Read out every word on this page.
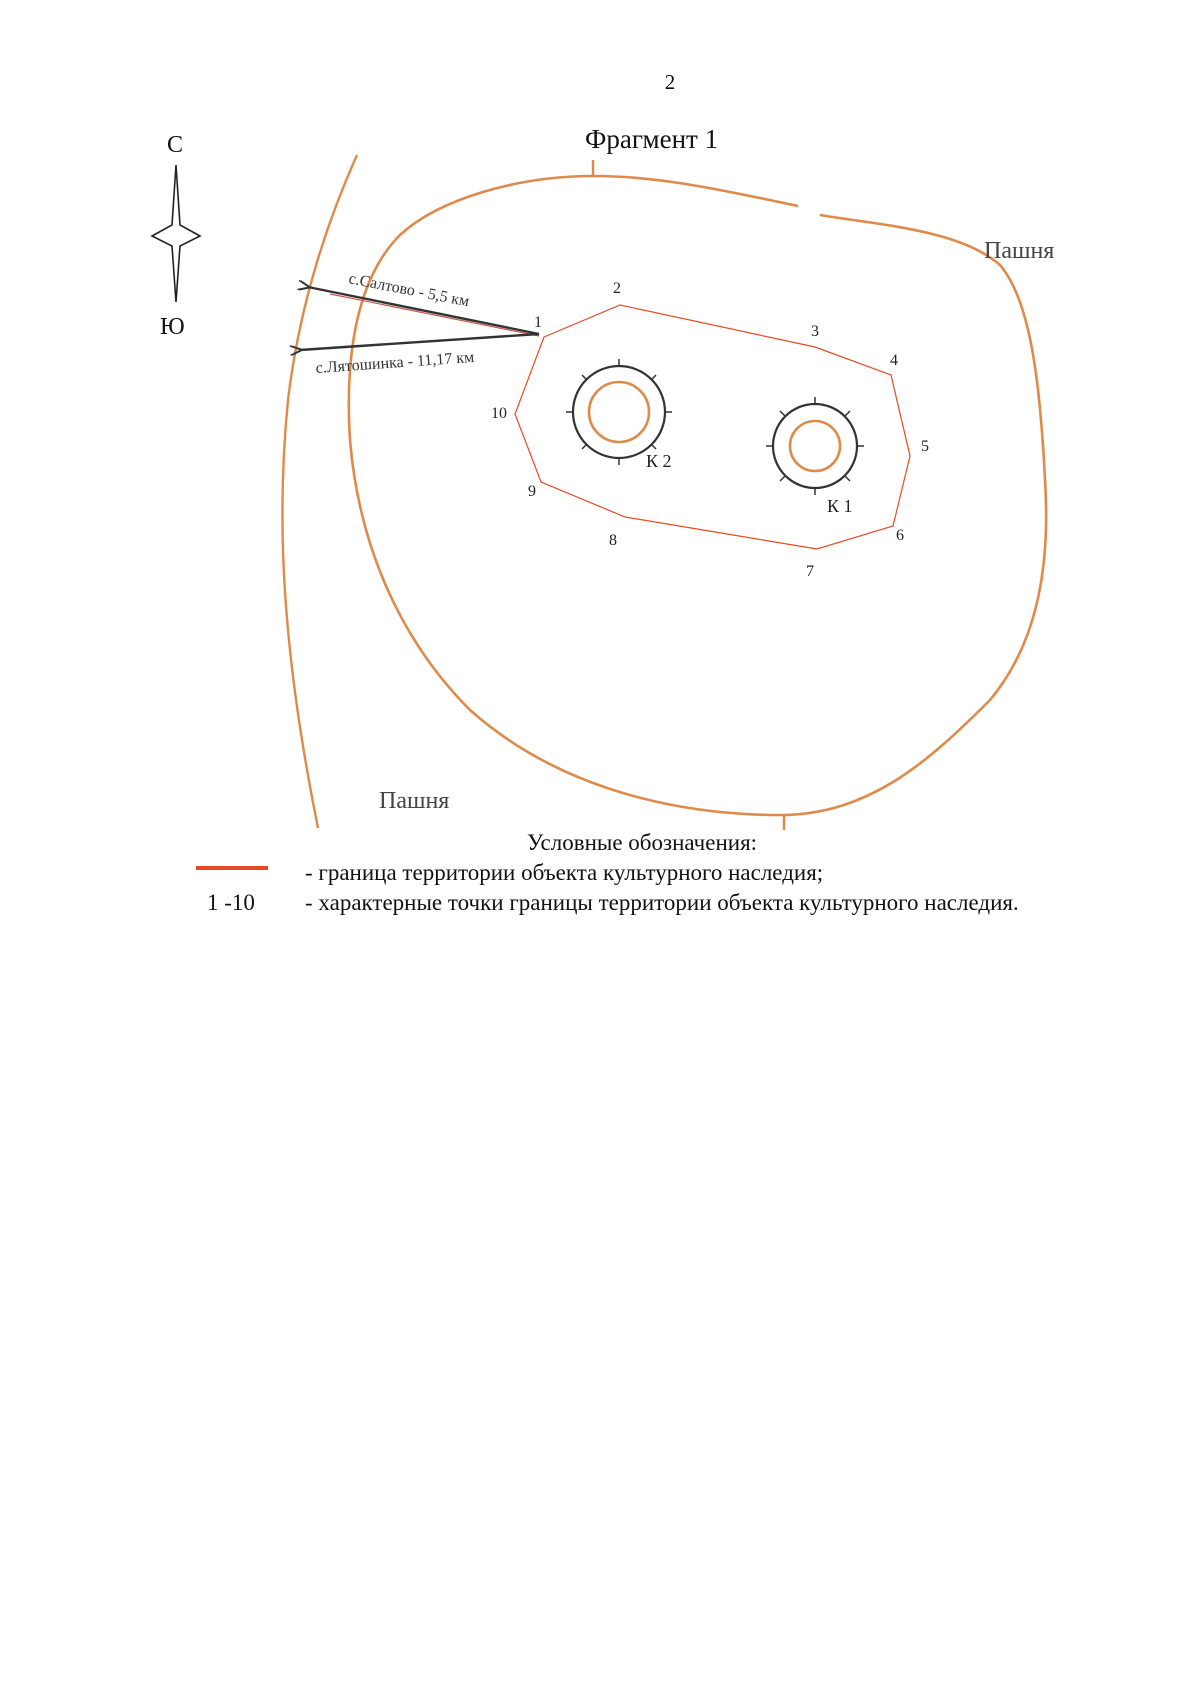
2
Фрагмент 1
С
Ю
с.Салтово - 5,5 км
с.Лятошинка - 11,17 км
К 2
К 1
1
2
3
4
5
6
7
8
9
10
Пашня
Пашня
Условные обозначения:
- граница территории объекта культурного наследия;
1 -10 - характерные точки границы территории объекта культурного наследия.
